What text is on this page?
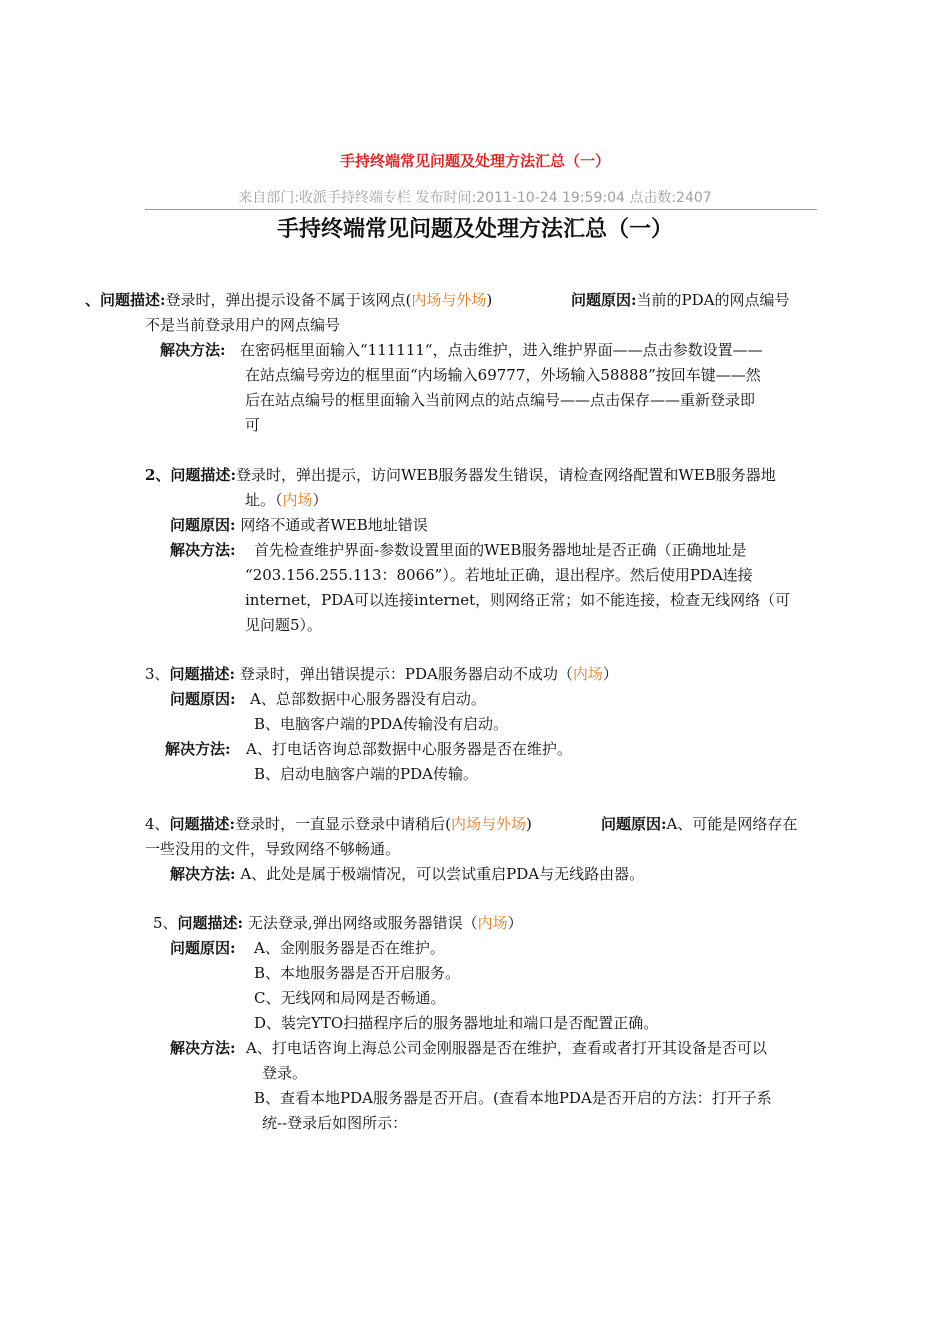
手持终端常见问题及处理方法汇总（一）
来自部门:收派手持终端专栏 发布时间:2011-10-24 19:59:04 点击数:2407
手持终端常见问题及处理方法汇总（一）
、问题描述:登录时，弹出提示设备不属于该网点(内场与外场)	问题原因:当前的PDA的网点编号
不是当前登录用户的网点编号
解决方法: 在密码框里面输入“111111“，点击维护，进入维护界面——点击参数设置——
在站点编号旁边的框里面“内场输入69777，外场输入58888”按回车键——然
后在站点编号的框里面输入当前网点的站点编号——点击保存——重新登录即
可
2、问题描述:登录时，弹出提示，访问WEB服务器发生错误，请检查网络配置和WEB服务器地
址。（内场）
问题原因: 网络不通或者WEB地址错误
解决方法: 首先检查维护界面-参数设置里面的WEB服务器地址是否正确（正确地址是
“203.156.255.113：8066”）。若地址正确，退出程序。然后使用PDA连接
internet，PDA可以连接internet，则网络正常；如不能连接，检查无线网络（可
见问题5）。
3、问题描述: 登录时，弹出错误提示：PDA服务器启动不成功（内场）
问题原因: A、总部数据中心服务器没有启动。
B、电脑客户端的PDA传输没有启动。
解决方法: A、打电话咨询总部数据中心服务器是否在维护。
B、启动电脑客户端的PDA传输。
4、问题描述:登录时，一直显示登录中请稍后(内场与外场)	问题原因:A、可能是网络存在
一些没用的文件，导致网络不够畅通。
解决方法: A、此处是属于极端情况，可以尝试重启PDA与无线路由器。
5、问题描述: 无法登录,弹出网络或服务器错误（内场）
问题原因: A、金刚服务器是否在维护。
B、本地服务器是否开启服务。
C、无线网和局网是否畅通。
D、装完YTO扫描程序后的服务器地址和端口是否配置正确。
解决方法: A、打电话咨询上海总公司金刚服器是否在维护，查看或者打开其设备是否可以
登录。
B、查看本地PDA服务器是否开启。(查看本地PDA是否开启的方法：打开子系
统--登录后如图所示：
